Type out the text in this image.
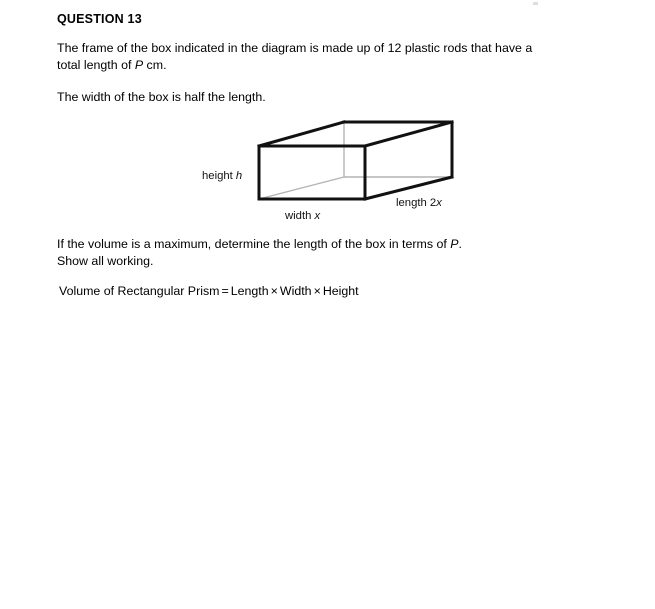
QUESTION 13
The frame of the box indicated in the diagram is made up of 12 plastic rods that have a
total length of P cm.
The width of the box is half the length.
height h
width x
length 2x
If the volume is a maximum, determine the length of the box in terms of P.
Show all working.
Volume of Rectangular Prism = Length × Width × Height
